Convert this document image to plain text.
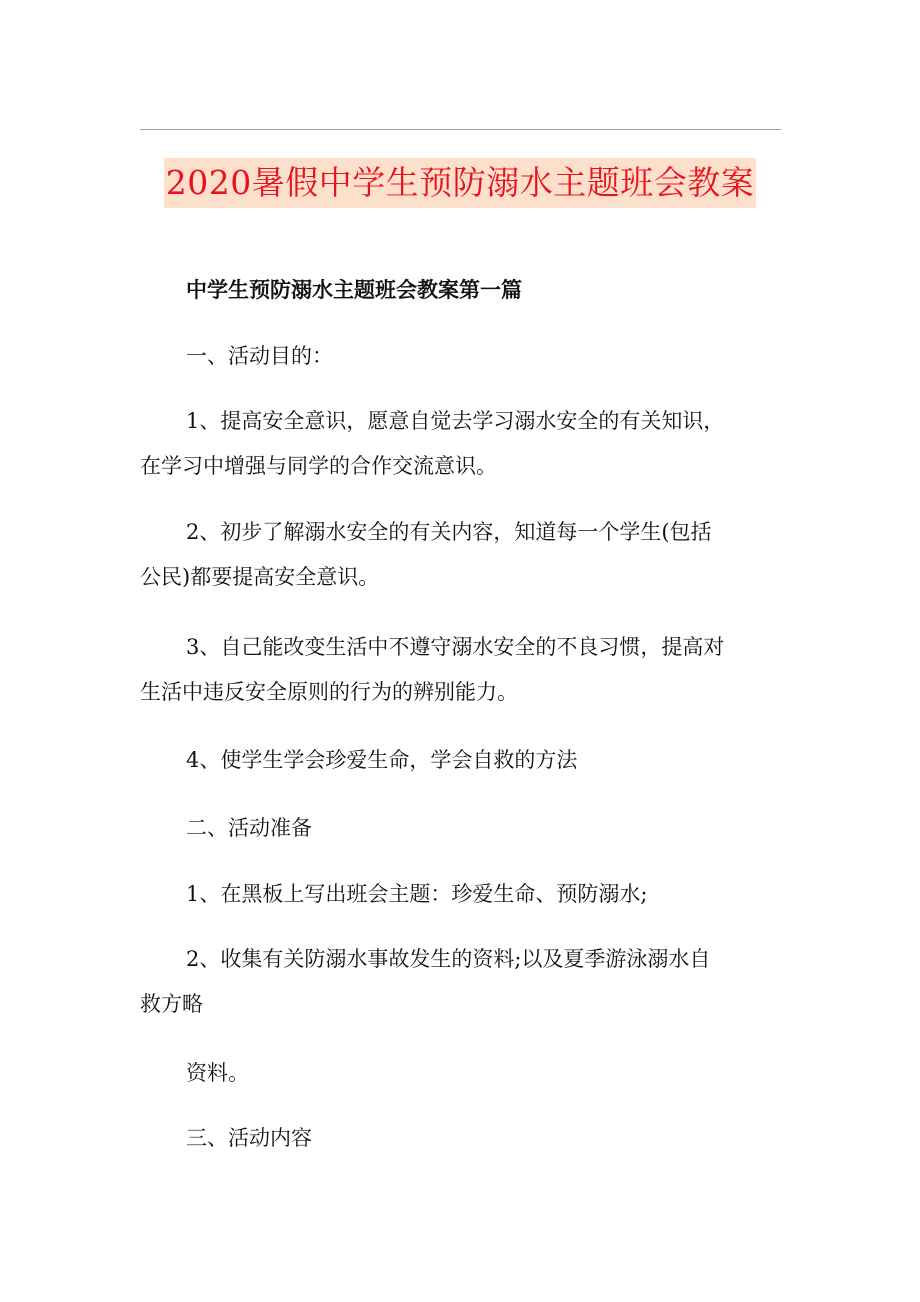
2020暑假中学生预防溺水主题班会教案

中学生预防溺水主题班会教案第一篇

一、活动目的：

1、提高安全意识，愿意自觉去学习溺水安全的有关知识，
在学习中增强与同学的合作交流意识。

2、初步了解溺水安全的有关内容，知道每一个学生(包括
公民)都要提高安全意识。

3、自己能改变生活中不遵守溺水安全的不良习惯，提高对
生活中违反安全原则的行为的辨别能力。

4、使学生学会珍爱生命，学会自救的方法

二、活动准备

1、在黑板上写出班会主题：珍爱生命、预防溺水;

2、收集有关防溺水事故发生的资料;以及夏季游泳溺水自
救方略

资料。

三、活动内容
